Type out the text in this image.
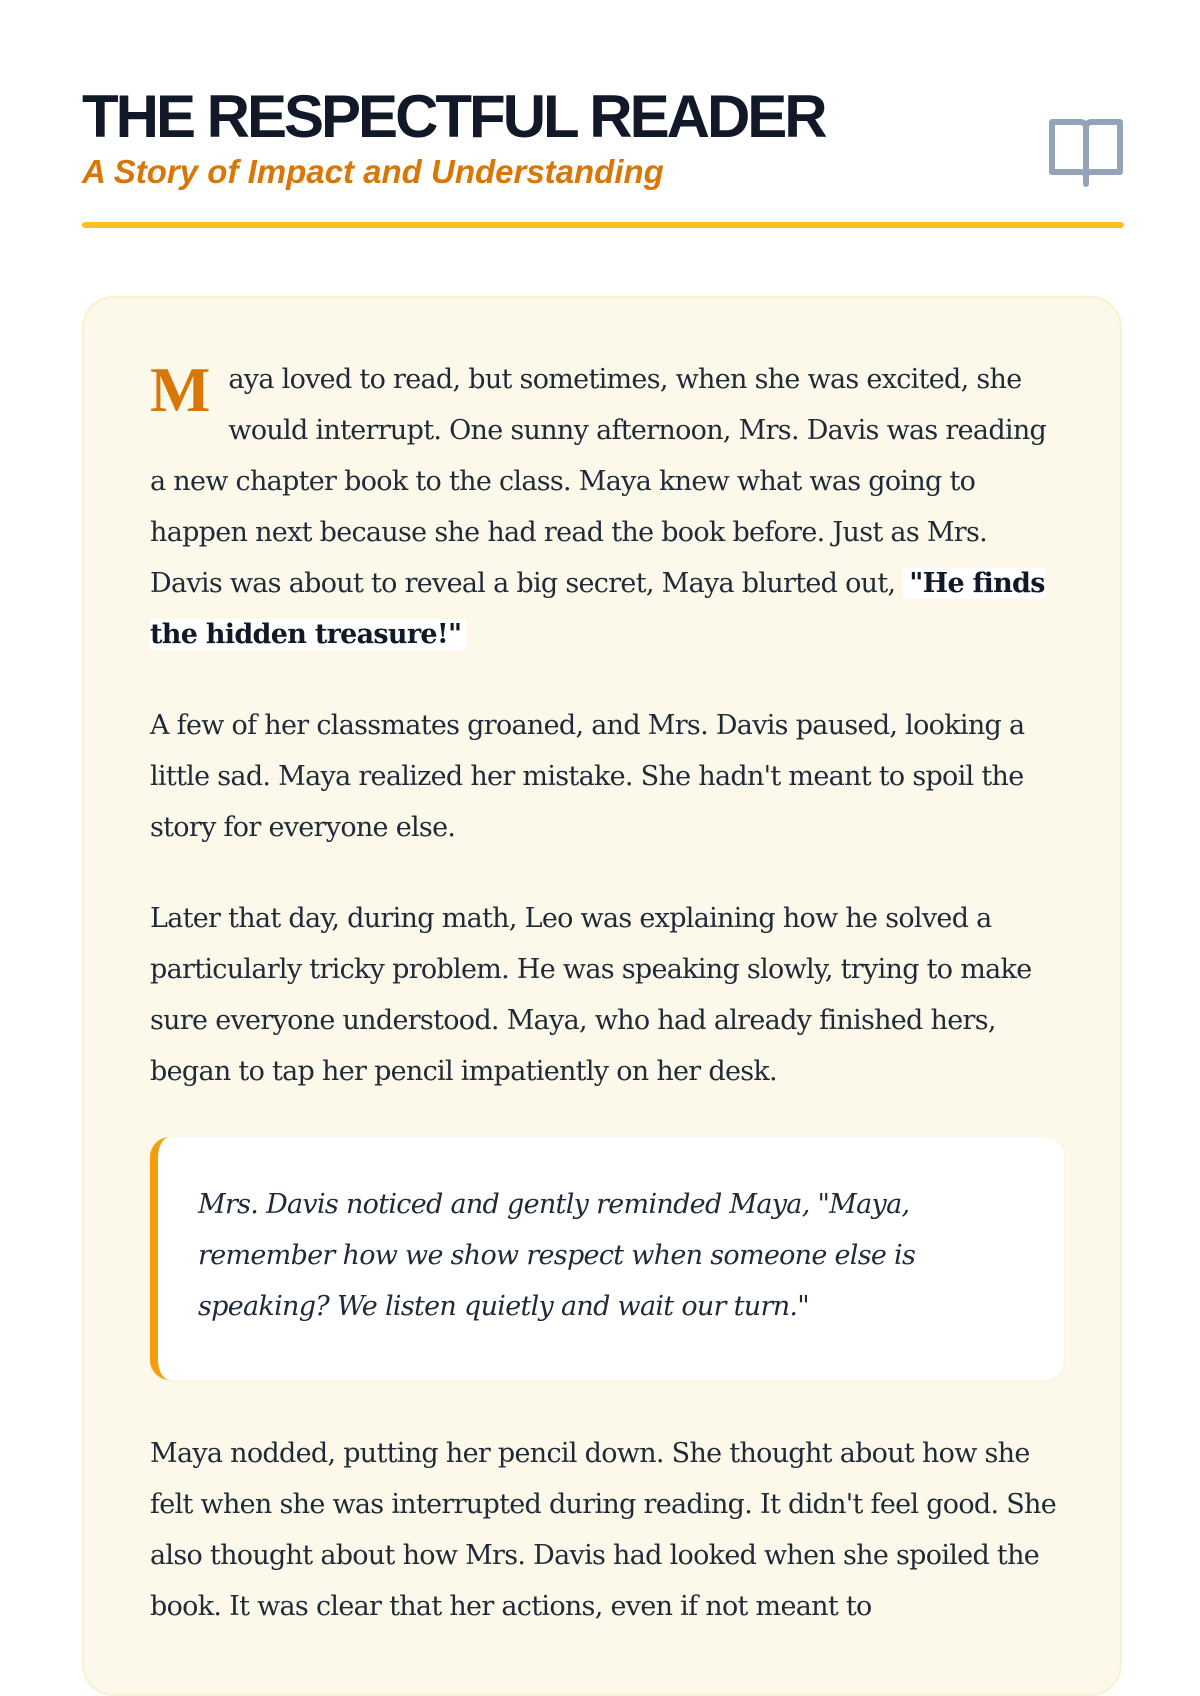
THE RESPECTFUL READER
A Story of Impact and Understanding

Maya loved to read, but sometimes, when she was excited, she would interrupt. One sunny afternoon, Mrs. Davis was reading a new chapter book to the class. Maya knew what was going to happen next because she had read the book before. Just as Mrs. Davis was about to reveal a big secret, Maya blurted out, "He finds the hidden treasure!"

A few of her classmates groaned, and Mrs. Davis paused, looking a little sad. Maya realized her mistake. She hadn't meant to spoil the story for everyone else.

Later that day, during math, Leo was explaining how he solved a particularly tricky problem. He was speaking slowly, trying to make sure everyone understood. Maya, who had already finished hers, began to tap her pencil impatiently on her desk.

Mrs. Davis noticed and gently reminded Maya, "Maya, remember how we show respect when someone else is speaking? We listen quietly and wait our turn."

Maya nodded, putting her pencil down. She thought about how she felt when she was interrupted during reading. It didn't feel good. She also thought about how Mrs. Davis had looked when she spoiled the book. It was clear that her actions, even if not meant to
